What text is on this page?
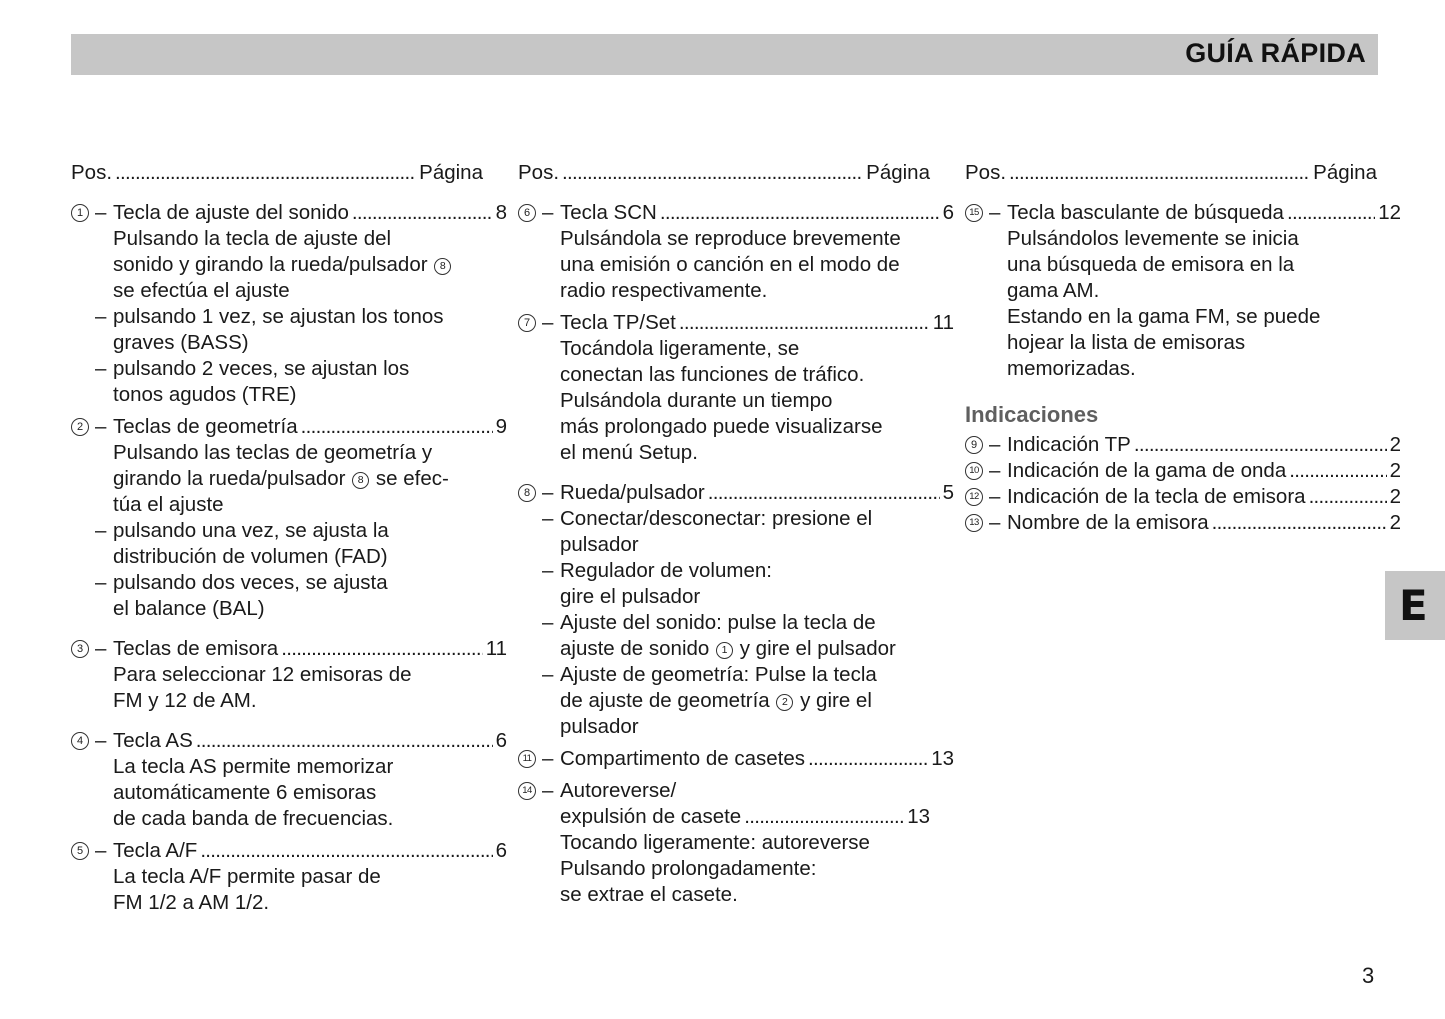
GUÍA RÁPIDA
Pos. . . .	Página
1 – Tecla de ajuste del sonido . . .	8
Pulsando la tecla de ajuste del
sonido y girando la rueda/pulsador 8
se efectúa el ajuste
– pulsando 1 vez, se ajustan los tonos
graves (BASS)
– pulsando 2 veces, se ajustan los
tonos agudos (TRE)
2 – Teclas de geometría . . .	9
Pulsando las teclas de geometría y
girando la rueda/pulsador 8 se efec-
túa el ajuste
– pulsando una vez, se ajusta la
distribución de volumen (FAD)
– pulsando dos veces, se ajusta
el balance (BAL)
3 – Teclas de emisora . . .	11
Para seleccionar 12 emisoras de
FM y 12 de AM.
4 – Tecla AS . . .	6
La tecla AS permite memorizar
automáticamente 6 emisoras
de cada banda de frecuencias.
5 – Tecla A/F . . .	6
La tecla A/F permite pasar de
FM 1/2 a AM 1/2.
Pos. . . .	Página
6 – Tecla SCN . . .	6
Pulsándola se reproduce brevemente
una emisión o canción en el modo de
radio respectivamente.
7 – Tecla TP/Set . . .	11
Tocándola ligeramente, se
conectan las funciones de tráfico.
Pulsándola durante un tiempo
más prolongado puede visualizarse
el menú Setup.
8 – Rueda/pulsador . . .	5
– Conectar/desconectar: presione el
pulsador
– Regulador de volumen:
gire el pulsador
– Ajuste del sonido: pulse la tecla de
ajuste de sonido 1 y gire el pulsador
– Ajuste de geometría: Pulse la tecla
de ajuste de geometría 2 y gire el
pulsador
11 – Compartimento de casetes . . .	13
14 – Autoreverse/
expulsión de casete . . .	13
Tocando ligeramente: autoreverse
Pulsando prolongadamente:
se extrae el casete.
Pos. . . .	Página
15 – Tecla basculante de búsqueda . . .	12
Pulsándolos levemente se inicia
una búsqueda de emisora en la
gama AM.
Estando en la gama FM, se puede
hojear la lista de emisoras
memorizadas.
Indicaciones
9 – Indicación TP . . .	2
10 – Indicación de la gama de onda . . .	2
12 – Indicación de la tecla de emisora . . .	2
13 – Nombre de la emisora . . .	2
E
3
